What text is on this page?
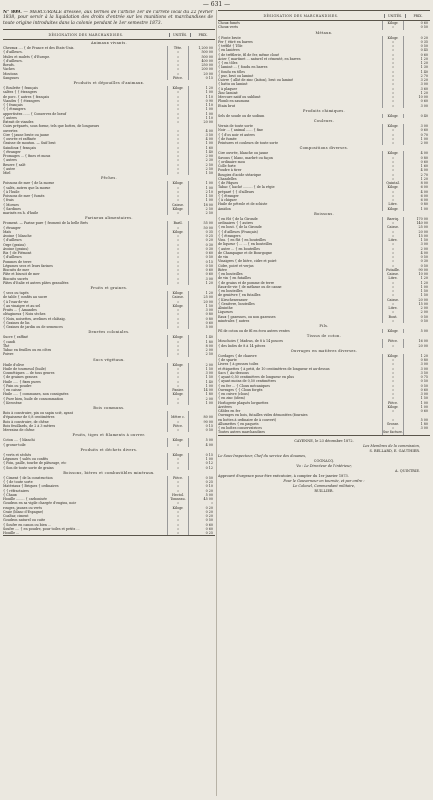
— 631 —
N° 809. — MERCURIALE dressée, aux termes de l'article 1er de l'arrêté local du 22 février 1838, pour servir à la liquidation des droits d'entrée sur les munitions et marchandises de toute origine introduites dans la colonie pendant le 1er semestre 1873.
DÉSIGNATION DES MARCHANDISES.	UNITÉS.	PRIX.
Animaux vivants.
Chevaux .... { de France et des États-Unis.	Tête.	1,200 00
{ d'ailleurs.	»	500 00
Mules et mulets { d'Europe.	»	500 00
{ d'ailleurs.	»	400 00
Bœufs.	»	250 00
Vaches	»	200 00
Moutons	»	20 00
Sangsues	Pièce.	0 15
Produits et dépouilles d'animaux.
{ Boulette { français	Kilogr.	1 20
salées { { étrangers	»	1 00
de porc. { autres { français	»	1 10
Viandes { { étrangers	»	0 90
{ { français	»	1 10
{ { étrangers	»	1 00
appertisées ...... { Conserves de bœuf	»	1 00
{ autres	»	1 10
Extrait de viandes	»	20 00
Cuirs préparés, sous forme, tels que bottes, de longueurs
ouvertes	»	4 00
Cire { jaune brute ou jaune	»	3 50
{ ouvrée et raffinée	»	4 00
Graisse de mouton. — Suif brut	»	1 00
Saindoux { français	»	1 60
{ étranger	»	1 40
Fromages ... { fines et mous	»	2 00
{ autres	»	2 30
Beurre { salé	»	2 50
{ autre	»	2 50
Miel	»	1 50
Pêches.
Poissons de mer { de la morue	Kilogr.	1 00
{ salés, autres que la morue	»	1 00
{ à l'huile	»	2 10
Poissons de mer { fumés	»	1 50
{ frais	»	1 00
{ Morues	Caisse.	18 00
{ Sardines	Kilogr.	2 50
marinés en h. d'huile	»	2 50
Farineux alimentaires.
Froment. — Farine pure { froment de la belle Brés	Baril.	55 00
{ étranger	»	50 00
Maïs	Kilogr.	0 35
Avoine { blanche	»	0 25
{ d'ailleurs	»	0 20
Orge (grains)	»	0 30
Avoine (grains)	»	0 30
Riz { de Piémont	»	0 60
{ d'ailleurs	»	0 50
Pommes de terre	»	0 15
Légumes secs et leurs farines	»	0 50
Biscuits de mer	»	0 60
Pâte et biscuit de mer	»	0 60
Biscuits sucrés	»	3 00
Pâtes d'Italie et autres pâtes granulées	»	1 20
Fruits et graines.
{ secs ou tapés	Kilogr.	1 20
de table { confits au sucre	Caisse.	25 00
{ à l'eau-de-vie	»	20 00
{ au vinaigre et au sel	Kilogr.	1 50
Fruits ... { Amandes	»	3 00
oléagineux { Noix sèches	»	0 80
{ Noix, noisettes, avelines et châtaig.	»	0 80
{ Graines de lin	»	0 60
{ Graines de jardin ou de semences	»	5 00
Denrées coloniales.
Sucre { raffiné	Kilogr.	1 40
{ candi	»	1 80
Thé	»	8 00
Tabac en feuilles ou en côtes	»	2 00
Poivre	»	2 50
Sucs végétaux.
Huile d'olive	Kilogr.	2 00
Huile de tournesol (huile)	»	1 50
Cosmétiques ... de tous genres	»	3 00
{ de graines grasses	»	1 50
Huile ..... { fixes pures	»	1 40
{ Pain ou poudre	»	1 00
{ en caisse	Panier.	14 00
Huile ..... { communes, non consignées	Kilogr.	1 80
{ Pure bien, huile de consommation	»	2 00
{ Kerosène	»	1 00
Bois communs.
Bois à construire, pin ou sapin scié, ayant
d'épaisseur de 0,8 centimètres	Mètre c.	80 00
Bois à construire, de chêne	»	90 00
Bois feuillards, de 2 à 3 mètres	Pièce.	0 15
Merrains de chêne	»	0 50
Fruits, tiges et filaments à ouvrer.
Coton .... { blanchi	Kilogr.	5 00
{ grosse-toile	»	4 00
Produits et déchets divers.
{ verts et séchés	Kilogr.	0 15
Légumes { salés ou confits	»	1 00
{ Foin, paille, tourbe de pâturage, etc	»	0 12
{ Son de toute sorte de grains	»	0 12
Boissons, bières et combustibles minéraux.
{ Ciment { de la construction	Pièce.	0 50
{ { de toute sorte	»	0 25
Matériaux { Briques { ordinaires	»	0 10
{ { réfractaires	»	0 20
{ Chaux	Hectol.	5 00
Houille ........ { carbonisée	Tonneau.	45 00
Goudron en sa vigile chargée d'engins, noir	»	»
rouges, jaunes ou verts	Kilogr.	0 20
Craie (blanc d'Espagne)	»	0 20
Coaltar, ciment	»	0 20
Goudron naturel ou cuite	»	0 50
{ Soufre en canon ou bien ...	»	0 60
Soufre .... { en poudre, pour toiles et petits ...	»	0 60
Houille ...	»	0 25
DÉSIGNATION DES MARCHANDISES.	UNITÉS.	PRIX.
Choux fumés	Kilogr.	0 60
Choux verts	»	0 50
Métaux.
{ Fonte brute	Kilogr.	0 20
Fer { étiré en barres	»	0 35
{ tréfilé { Tôle	»	0 50
{ en lanières	»	0 45
{ de tréfilerie, fil de fer, même cloué	»	0 60
Acier { martinet ... naturel et cémenté, en barres	»	1 20
{ { en tôles	»	1 20
{ laminé ... { fondu en barres	»	1 30
{ fondu en tôles	»	1 40
{ pur, brut ou laminé	»	2 70
Cuivre { allié de zinc (laiton), brut ou laminé	»	3 20
{ battu ou laminé	»	3 00
{ à plaquer	»	3 60
Zinc laminé	»	1 20
Mercure natif ou sublimé	»	10 00
Plomb en saumons	»	0 60
Étain brut	»	3 00
Produits chimiques.
Sels de soude ou de sodium	Kilogr.	0 40
Couleurs.
Vernis de toute sorte	Kilogr.	3 00
Noir ... { animal ...... { fine	»	0 60
{ { d'os noir et autres	»	0 70
{ de fumée	»	1 00
Peintures et couleurs de toute sorte	»	2 00
Compositions diverses.
Cire ouvrée, blanche ou jaune	Kilogr.	4 00
Savons { blanc, marbré ou façon	»	0 80
{ ordinaire mou	»	0 60
Colle forte	»	1 60
Poudre à tirer	»	4 00
Bougies d'acide stéarique	»	2 70
Chandelles	»	1 20
{ de Pâques	Quintal.	8 00
Tabac { haché ......... { de la régie	Kilogr.	6 00
préparé { { d'ailleurs	»	4 00
{ { étranger	»	6 00
{ à chiquer	»	6 00
Huile de pétrole et de schiste	Litre.	0 80
Amidon	Kilogr.	1 00
Boissons.
{ en fût { de la Gironde	Barriq.	170 00
ordinaires { { autres	»	140 00
{ en bout. { de la Gironde	Caisse.	25 00
{ { d'ailleurs (Français)	»	20 00
{ { étrangers	»	15 00
Vins. { en fût { en bouteilles	Litre.	1 50
de liqueur { ... ... { en bouteilles	»	3 00
{ autre ... { en bouteilles	»	2 00
de Champagne et de Bourgogne	»	4 00
de vin	»	0 50
Vinaigres { de bière, cidre et poiré	»	0 30
Cidre, poiré et verjus	»	0 50
Bière	Futaille.	90 00
{ en bouteilles	Caisse.	10 00
de vin { en futailles	Litre.	1 20
{ de grains et de pomme de terre	»	1 20
Eaux-de-vie { de mélasse ou de canne	»	1 00
{ en bouteilles	»	1 50
de genièvre { en futailles	»	1 50
{ Kirschenwasser	Caisse.	20 00
{ Genièvre, bouteilles	»	15 00
Absinthe	Litre.	2 00
Liqueurs	»	2 00
Eaux { gazeuses, ou non gazeuses	Bout.	0 50
minérales { autres	»	0 50
Fils.
Fil de coton ou de fil en écru autres ventes	Kilogr.	5 00
Tissus de coton.
Mouchoirs { Madras, de 8 à 14 pouces	Pièce.	16 00
{ des Indes de 8 à 14 pièces	»	20 00
Ouvrages en matières diverses.
Cordages { de chanvre	Kilogr.	1 20
{ de sparte	»	0 80
Livres { à grosses toiles	»	3 00
et étiquettes { à petit, de 10 centimètres de longueur et au-dessus	»	3 00
Sacs { Au-dessous	»	3 50
{ ayant 0,50 centimètres de longueur en plus	»	0 75
{ ayant moins de 0,50 centimètres	»	0 50
{ en fer ... { Cloux mécaniques	»	0 50
Ouvrages { { Cloux forgés	»	0 60
{ en cuivre (clous)	»	3 00
{ en zinc (idem)	»	1 50
Horlogerie plaqués lorgnettes	Pièce.	1 00
Arrières	Kilogr.	1 00
Câbles en fer	»	0 60
Ouvrages en bois, futailles vides démontées (fournies
en bottes à ordinaire de à couvert)	»	5 00
Allumettes { en paquets	Grosse.	1 80
{ en boîtes conservatrices	»	3 00
Toutes autres marchandises	Sur facture.
CAYENNE, le 23 décembre 1872.
Les Membres de la commission,
S. BELLARD, E. GAUTHIER.
Le Sous-Inspecteur, Chef du service des douanes,
COGNACQ.
Vu : Le Directeur de l'intérieur,
A. QUINTRIE.
Approuvé d'urgence pour être exécutoire, à compter du 1er janvier 1873.
Pour le Gouverneur en tournée, et par ordre :
Le Colonel, Commandant militaire,
RUILLIER.
